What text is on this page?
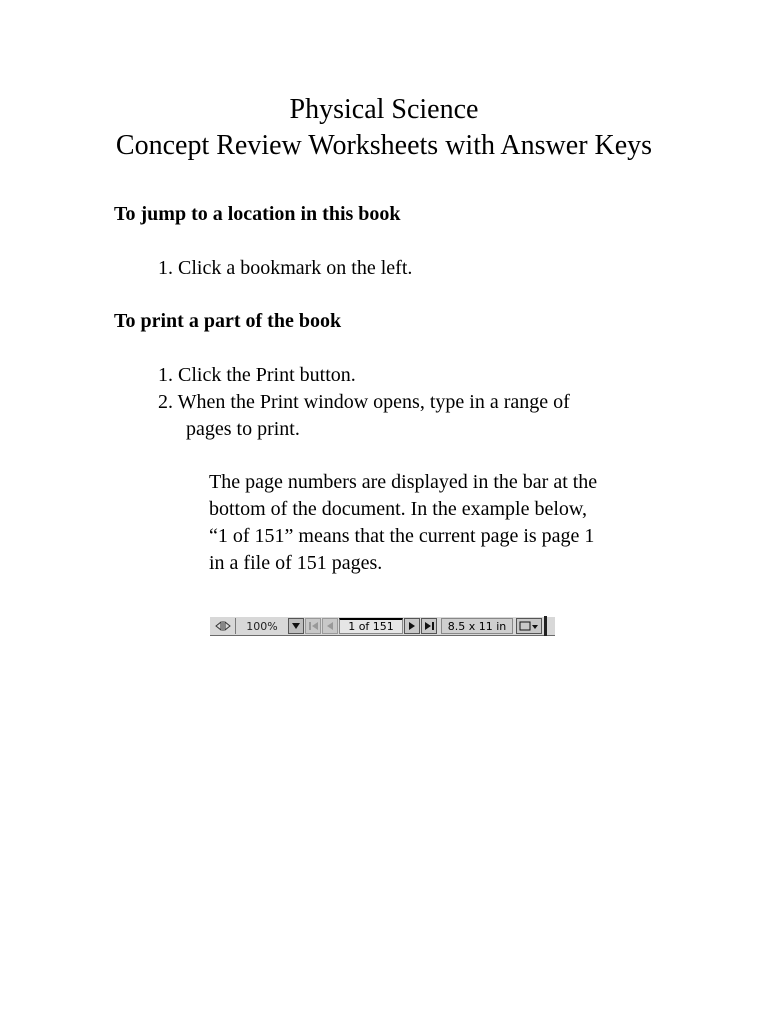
Physical Science
Concept Review Worksheets with Answer Keys
To jump to a location in this book
1. Click a bookmark on the left.
To print a part of the book
1. Click the Print button.
2. When the Print window opens, type in a range of
pages to print.
The page numbers are displayed in the bar at the
bottom of the document. In the example below,
“1 of 151” means that the current page is page 1
in a file of 151 pages.
100%	1 of 151	8.5 x 11 in
